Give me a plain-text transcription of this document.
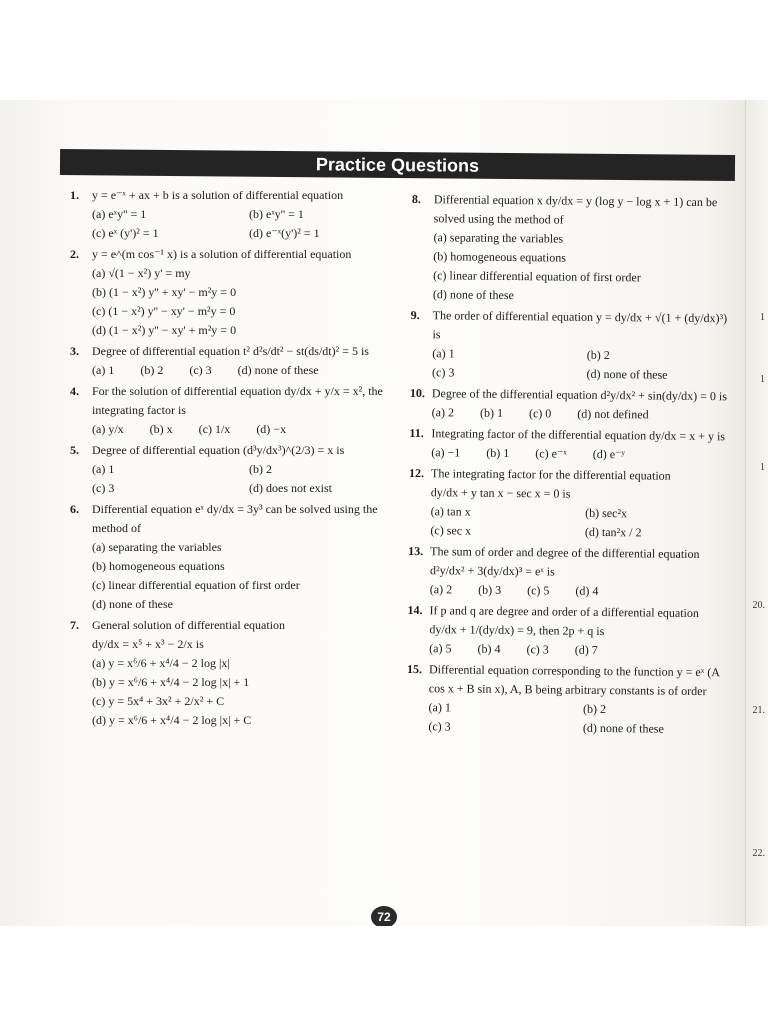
1
1
1
20.
21.
22.
Practice Questions
1.	y = e⁻ˣ + ax + b is a solution of differential equation
(a) eˣy'' = 1	(b) eˣy'' = 1
(c) eˣ (y')² = 1	(d) e⁻ˣ(y')² = 1
2.	y = e^(m cos⁻¹ x) is a solution of differential equation
(a) √(1 − x²) y' = my
(b) (1 − x²) y'' + xy' − m²y = 0
(c) (1 − x²) y'' − xy' − m²y = 0
(d) (1 − x²) y'' − xy' + m²y = 0
3.	Degree of differential equation t² d²s/dt² − st(ds/dt)² = 5 is
(a) 1 (b) 2 (c) 3 (d) none of these
4.	For the solution of differential equation dy/dx + y/x = x², the integrating factor is
(a) y/x (b) x (c) 1/x (d) −x
5.	Degree of differential equation (d³y/dx³)^(2/3) = x is
(a) 1	(b) 2
(c) 3	(d) does not exist
6.	Differential equation eˣ dy/dx = 3y³ can be solved using the method of
(a) separating the variables
(b) homogeneous equations
(c) linear differential equation of first order
(d) none of these
7.	General solution of differential equation
dy/dx = x⁵ + x³ − 2/x is
(a) y = x⁶/6 + x⁴/4 − 2 log |x|
(b) y = x⁶/6 + x⁴/4 − 2 log |x| + 1
(c) y = 5x⁴ + 3x² + 2/x² + C
(d) y = x⁶/6 + x⁴/4 − 2 log |x| + C
8.	Differential equation x dy/dx = y (log y − log x + 1) can be solved using the method of
(a) separating the variables
(b) homogeneous equations
(c) linear differential equation of first order
(d) none of these
9.	The order of differential equation y = dy/dx + √(1 + (dy/dx)³) is
(a) 1	(b) 2
(c) 3	(d) none of these
10. Degree of the differential equation d²y/dx² + sin(dy/dx) = 0 is
(a) 2 (b) 1 (c) 0 (d) not defined
11. Integrating factor of the differential equation dy/dx = x + y is
(a) −1 (b) 1 (c) e⁻ˣ (d) e⁻ʸ
12. The integrating factor for the differential equation
dy/dx + y tan x − sec x = 0 is
(a) tan x	(b) sec²x
(c) sec x	(d) tan²x / 2
13. The sum of order and degree of the differential equation
d²y/dx² + 3(dy/dx)³ = eˣ is
(a) 2 (b) 3 (c) 5 (d) 4
14. If p and q are degree and order of a differential equation
dy/dx + 1/(dy/dx) = 9, then 2p + q is
(a) 5 (b) 4 (c) 3 (d) 7
15. Differential equation corresponding to the function y = eˣ (A cos x + B sin x), A, B being arbitrary constants is of order
(a) 1	(b) 2
(c) 3	(d) none of these
72
